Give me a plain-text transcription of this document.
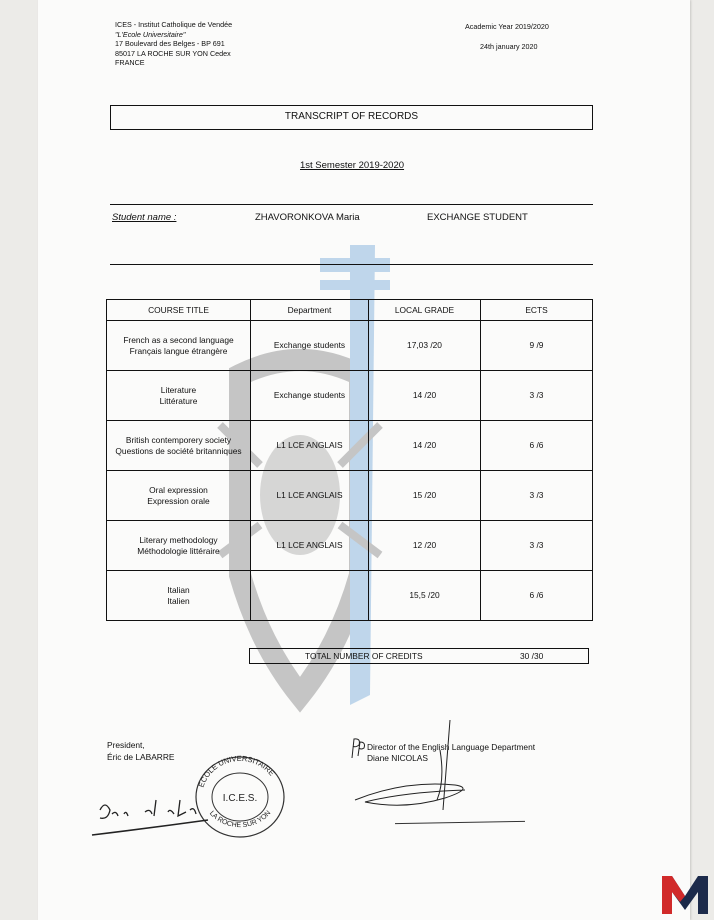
ICES - Institut Catholique de Vendée
"L'Ecole Universitaire"
17 Boulevard des Belges - BP 691
85017 LA ROCHE SUR YON Cedex
FRANCE
Academic Year 2019/2020
24th january 2020
TRANSCRIPT OF RECORDS
1st Semester 2019-2020
Student name :	ZHAVORONKOVA Maria	EXCHANGE STUDENT
COURSE TITLE	Department	LOCAL GRADE	ECTS

French as a second language
Français langue étrangère	Exchange students	17,03 /20	9 /9

Literature
Littérature	Exchange students	14 /20	3 /3

British contemporery society
Questions de société britanniques	L1 LCE ANGLAIS	14 /20	6 /6

Oral expression
Expression orale	L1 LCE ANGLAIS	15 /20	3 /3

Literary methodology
Méthodologie littéraire	L1 LCE ANGLAIS	12 /20	3 /3

Italian
Italien		15,5 /20	6 /6
TOTAL NUMBER OF CREDITS	30 /30
President,
Éric de LABARRE
Director of the English Language Department
Diane NICOLAS
I.C.E.S.
ECOLE UNIVERSITAIRE
LA ROCHE SUR YON
